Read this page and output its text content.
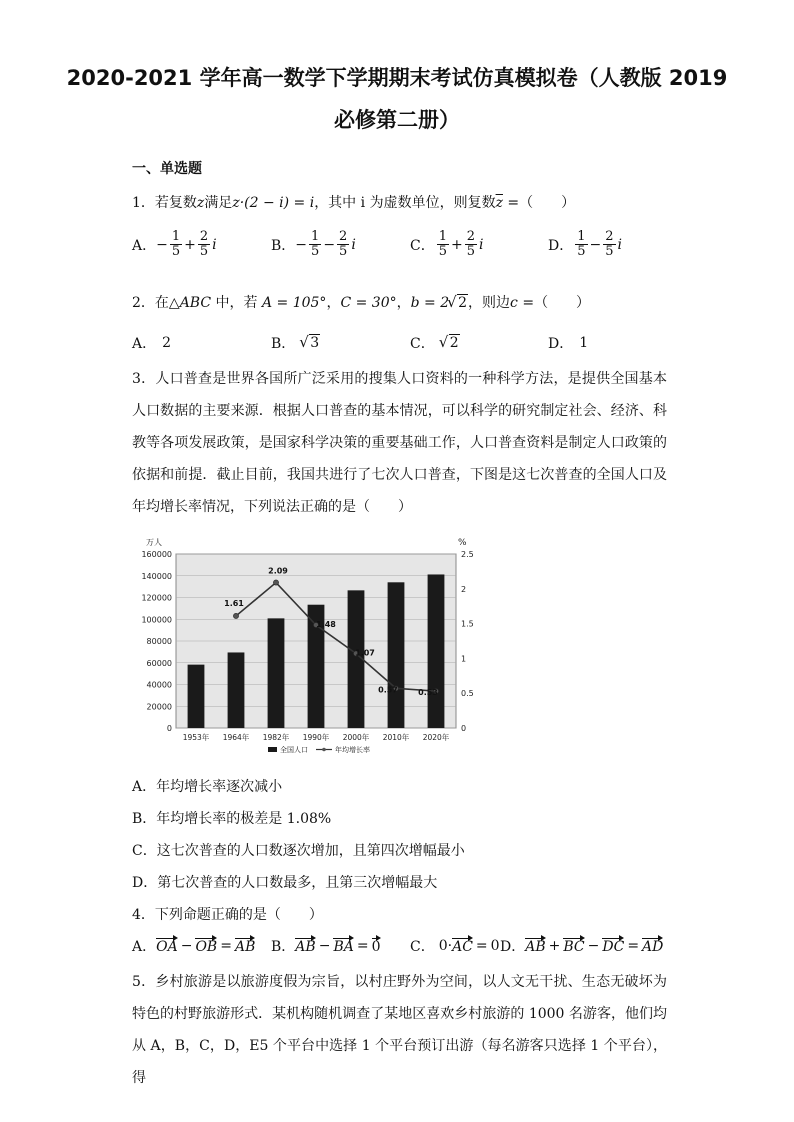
2020-2021 学年高一数学下学期期末考试仿真模拟卷（人教版 2019
必修第二册）
一、单选题
1．若复数z满足z·(2 − i) = i，其中 i 为虚数单位，则复数$\overline{z}$ =（　　）
A． − $\frac{1}{5} + \frac{2}{5}$ i	B． − $\frac{1}{5} - \frac{2}{5}$ i	C． $\frac{1}{5} + \frac{2}{5}$ i	D． $\frac{1}{5} - \frac{2}{5}$ i
2．在△ABC 中，若 A = 105°，C = 30°，b = 2 √ 2，则边c =（　　）
A． 2	B．	√ 3	C．	√ 2	D． 1
3．人口普查是世界各国所广泛采用的搜集人口资料的一种科学方法，是提供全国基本人口数据的主要来源．根据人口普查的基本情况，可以科学的研究制定社会、经济、科教等各项发展政策，是国家科学决策的重要基础工作，人口普查资料是制定人口政策的依据和前提．截止目前，我国共进行了七次人口普查，下图是这七次普查的全国人口及年均增长率情况，下列说法正确的是（　　）
0
20000
40000
60000
80000
100000
120000
140000
160000
0
0.5
1
1.5
2
2.5
万人	%
1953年 1964年 1982年 1990年 2000年 2010年 2020年
1.61
2.09
1.48
1.07
0.57	0.53
全国人口	年均增长率
A．年均增长率逐次减小
B．年均增长率的极差是 1.08%
C．这七次普查的人口数逐次增加，且第四次增幅最小
D．第七次普查的人口数最多，且第三次增幅最大
4．下列命题正确的是（　　）
A． OA − OB = AB B． AB − BA = 0 C． 0· AC = 0 D． AB + BC − DC = AD
5．乡村旅游是以旅游度假为宗旨，以村庄野外为空间，以人文无干扰、生态无破坏为特色的村野旅游形式．某机构随机调查了某地区喜欢乡村旅游的 1000 名游客，他们均从 A，B，C，D，E5 个平台中选择 1 个平台预订出游（每名游客只选择 1 个平台），得
